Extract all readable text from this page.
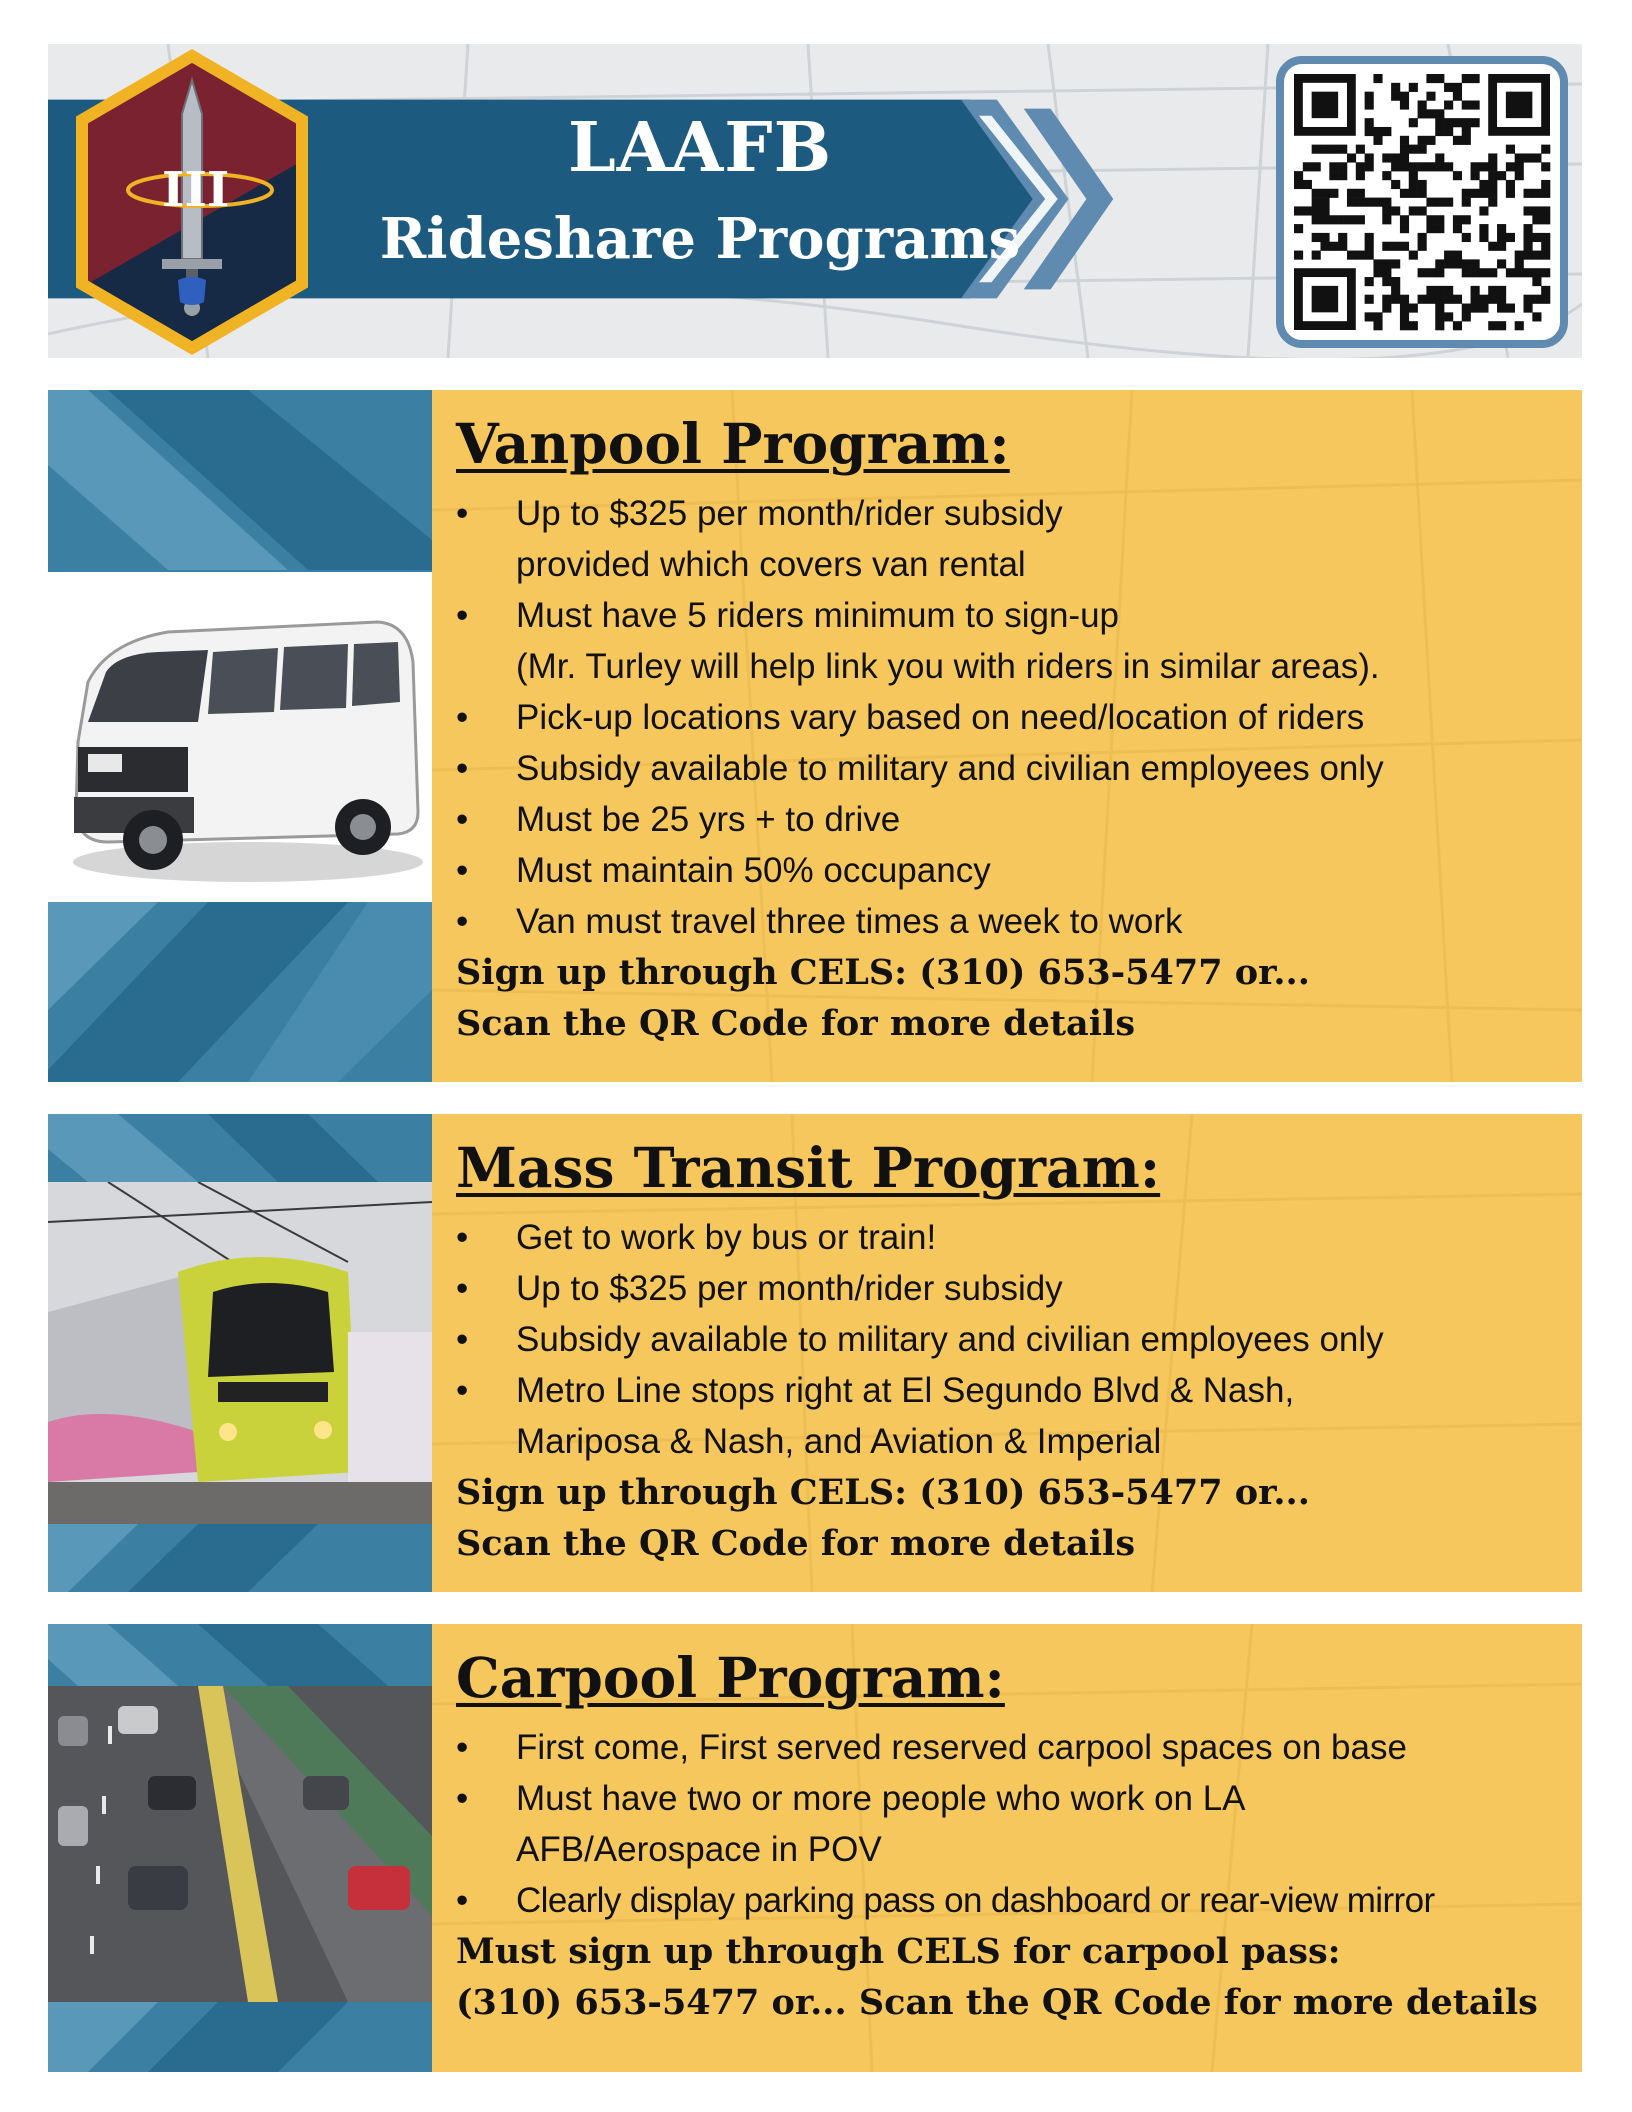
LAAFB
Rideshare Programs
III
Vanpool Program:
• Up to $325 per month/rider subsidy
provided which covers van rental
• Must have 5 riders minimum to sign-up
(Mr. Turley will help link you with riders in similar areas).
• Pick-up locations vary based on need/location of riders
• Subsidy available to military and civilian employees only
• Must be 25 yrs + to drive
• Must maintain 50% occupancy
• Van must travel three times a week to work
Sign up through CELS: (310) 653-5477 or...
Scan the QR Code for more details
Mass Transit Program:
• Get to work by bus or train!
• Up to $325 per month/rider subsidy
• Subsidy available to military and civilian employees only
• Metro Line stops right at El Segundo Blvd & Nash,
Mariposa & Nash, and Aviation & Imperial
Sign up through CELS: (310) 653-5477 or...
Scan the QR Code for more details
Carpool Program:
• First come, First served reserved carpool spaces on base
• Must have two or more people who work on LA
AFB/Aerospace in POV
• Clearly display parking pass on dashboard or rear-view mirror
Must sign up through CELS for carpool pass:
(310) 653-5477 or... Scan the QR Code for more details
